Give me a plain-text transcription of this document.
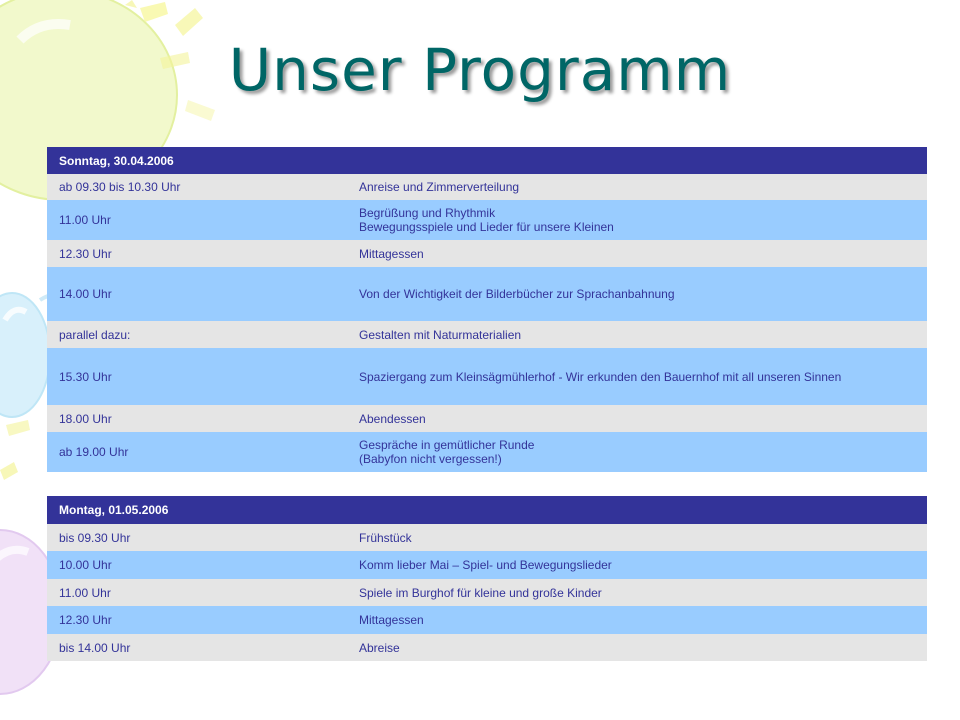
Unser Programm
Sonntag, 30.04.2006	
ab 09.30 bis 10.30 Uhr	Anreise und Zimmerverteilung
11.00 Uhr	Begrüßung und Rhythmik
Bewegungsspiele und Lieder für unsere Kleinen
12.30 Uhr	Mittagessen
14.00 Uhr	Von der Wichtigkeit der Bilderbücher zur Sprachanbahnung
parallel dazu:	Gestalten mit Naturmaterialien
15.30 Uhr	Spaziergang zum Kleinsägmühlerhof - Wir erkunden den Bauernhof mit all unseren Sinnen
18.00 Uhr	Abendessen
ab 19.00 Uhr	Gespräche in gemütlicher Runde
(Babyfon nicht vergessen!)
Montag, 01.05.2006	
bis 09.30 Uhr	Frühstück
10.00 Uhr	Komm lieber Mai – Spiel- und Bewegungslieder
11.00 Uhr	Spiele im Burghof für kleine und große Kinder
12.30 Uhr	Mittagessen
bis 14.00 Uhr	Abreise
